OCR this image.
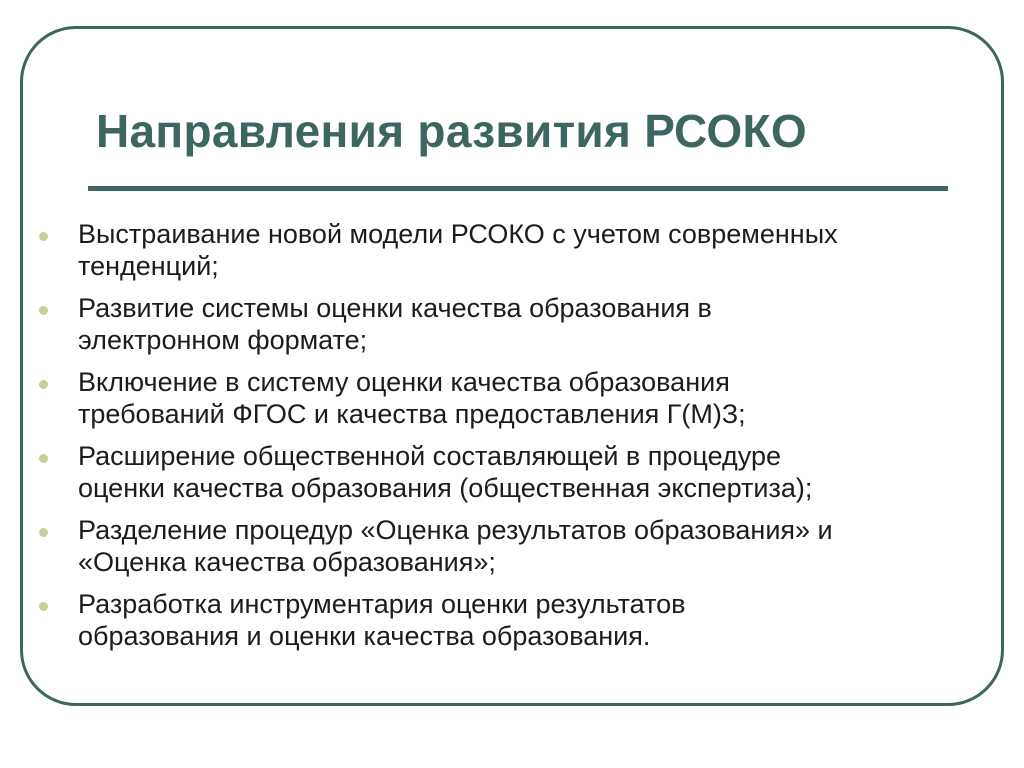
Направления развития РСОКО
Выстраивание новой модели РСОКО с учетом современных
тенденций;
Развитие системы оценки качества образования в
электронном формате;
Включение в систему оценки качества образования
требований ФГОС и качества предоставления Г(М)З;
Расширение общественной составляющей в процедуре
оценки качества образования (общественная экспертиза);
Разделение процедур «Оценка результатов образования» и
«Оценка качества образования»;
Разработка инструментария оценки результатов
образования и оценки качества образования.
